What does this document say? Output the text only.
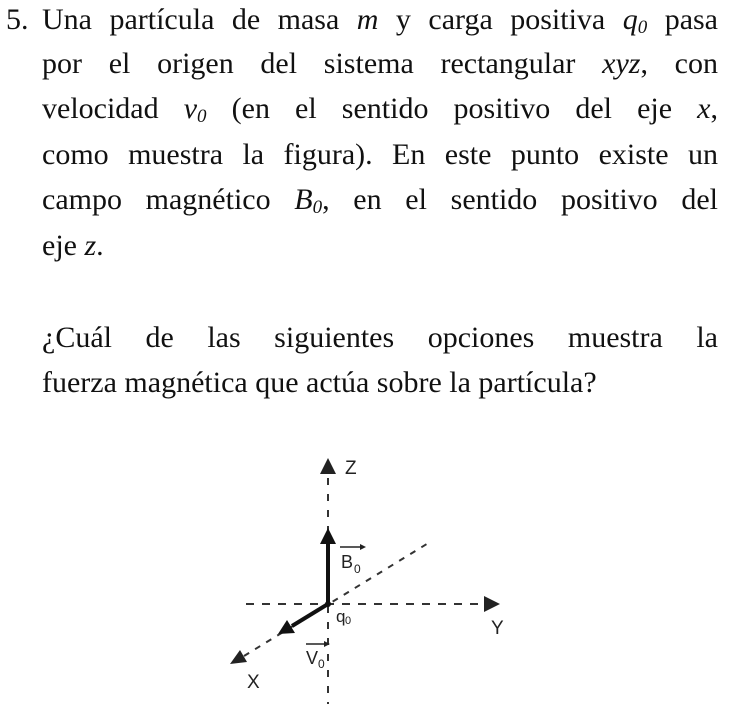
5. Una partícula de masa m y carga positiva $q_0$ pasa
por el origen del sistema rectangular xyz, con
velocidad $v_0$ (en el sentido positivo del eje x,
como muestra la figura). En este punto existe un
campo magnético $B_0$, en el sentido positivo del
eje z.
¿Cuál de las siguientes opciones muestra la
fuerza magnética que actúa sobre la partícula?
Z
Y
X
B 0
q 0
V 0
